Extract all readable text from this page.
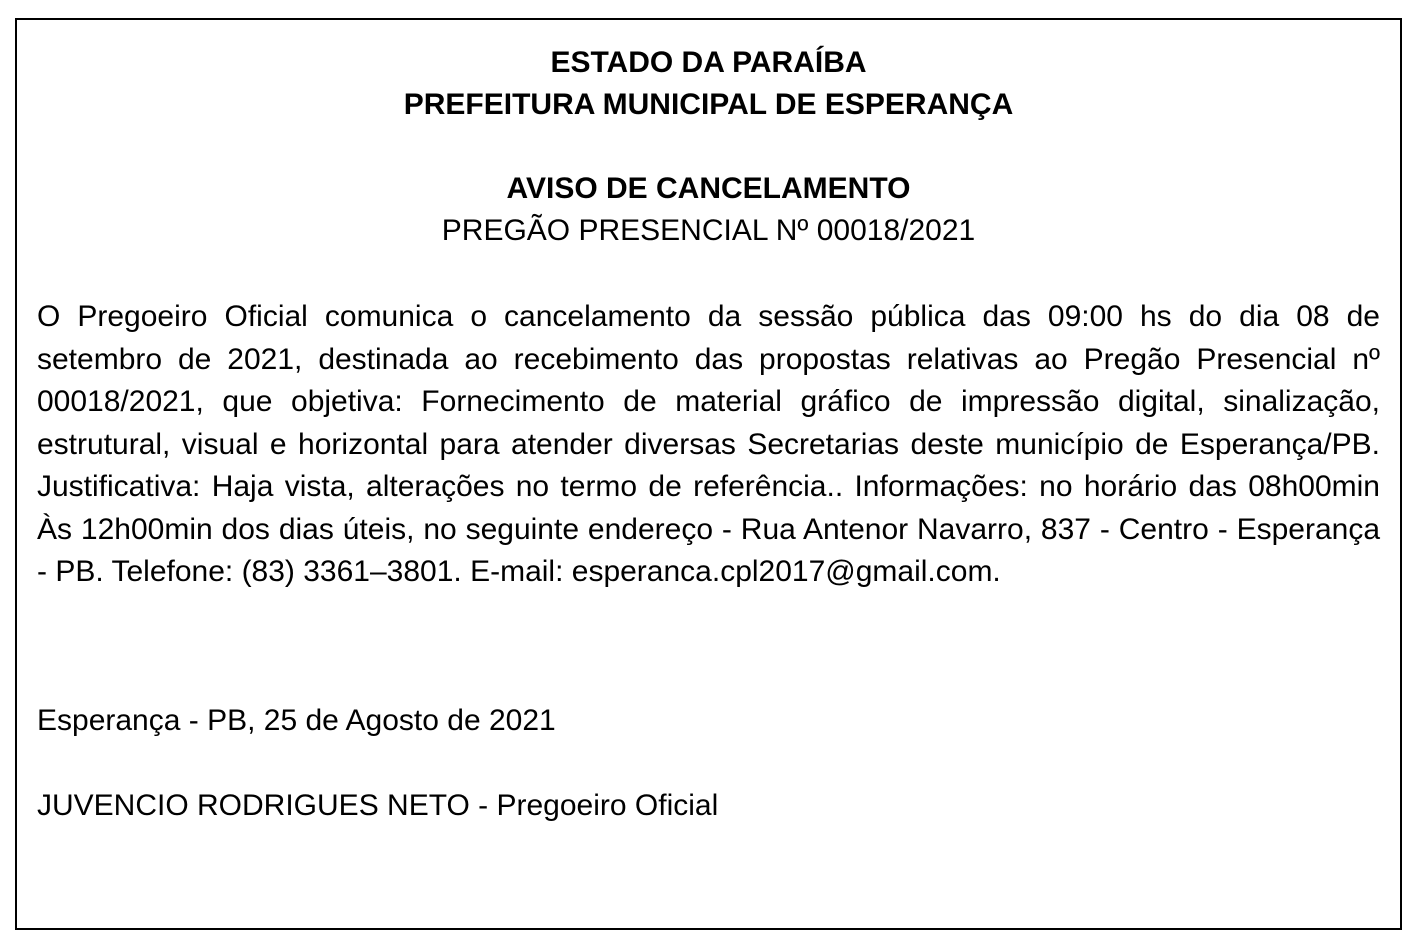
ESTADO DA PARAÍBA
PREFEITURA MUNICIPAL DE ESPERANÇA
AVISO DE CANCELAMENTO
PREGÃO PRESENCIAL Nº 00018/2021
O Pregoeiro Oficial comunica o cancelamento da sessão pública das 09:00 hs do dia 08 de setembro de 2021, destinada ao recebimento das propostas relativas ao Pregão Presencial nº 00018/2021, que objetiva: Fornecimento de material gráfico de impressão digital, sinalização, estrutural, visual e horizontal para atender diversas Secretarias deste município de Esperança/PB. Justificativa: Haja vista, alterações no termo de referência.. Informações: no horário das 08h00min Às 12h00min dos dias úteis, no seguinte endereço - Rua Antenor Navarro, 837 - Centro - Esperança - PB. Telefone: (83) 3361–3801. E-mail: esperanca.cpl2017@gmail.com.
Esperança - PB, 25 de Agosto de 2021
JUVENCIO RODRIGUES NETO - Pregoeiro Oficial
